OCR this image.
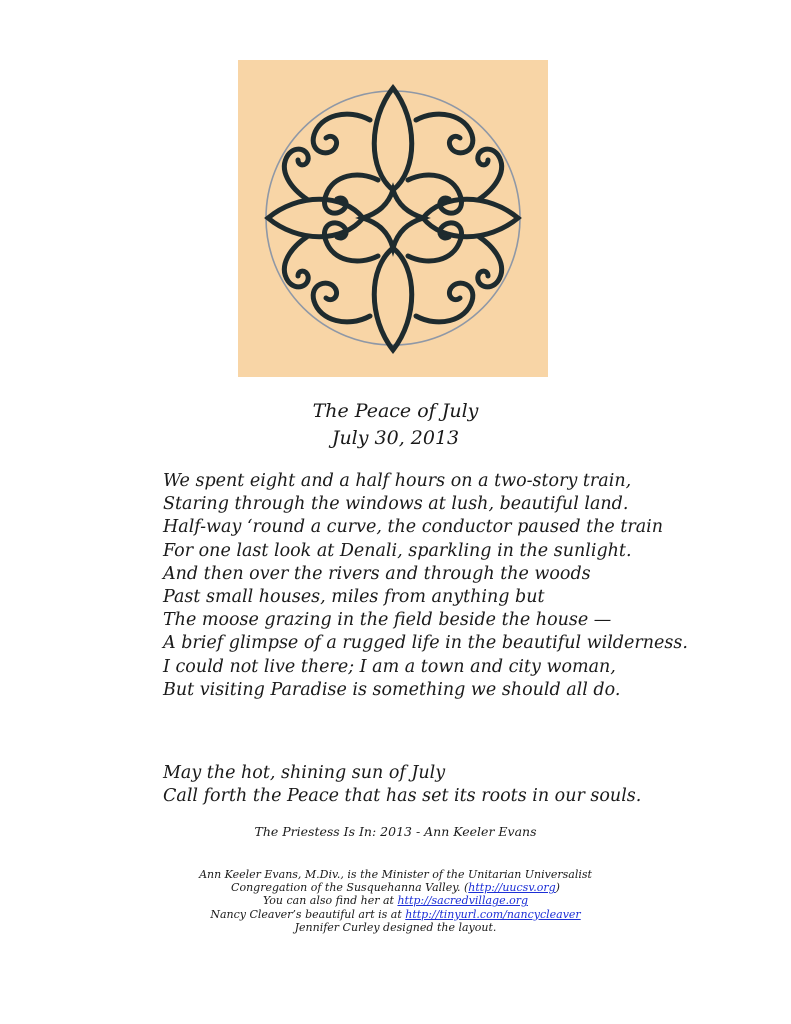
The Peace of July
July 30, 2013
We spent eight and a half hours on a two-story train,
Staring through the windows at lush, beautiful land.
Half-way ‘round a curve, the conductor paused the train
For one last look at Denali, sparkling in the sunlight.
And then over the rivers and through the woods
Past small houses, miles from anything but
The moose grazing in the field beside the house —
A brief glimpse of a rugged life in the beautiful wilderness.
I could not live there; I am a town and city woman,
But visiting Paradise is something we should all do.
May the hot, shining sun of July
Call forth the Peace that has set its roots in our souls.
The Priestess Is In: 2013 - Ann Keeler Evans
Ann Keeler Evans, M.Div., is the Minister of the Unitarian Universalist
Congregation of the Susquehanna Valley. (http://uucsv.org)
You can also find her at http://sacredvillage.org
Nancy Cleaver’s beautiful art is at http://tinyurl.com/nancycleaver
Jennifer Curley designed the layout.
